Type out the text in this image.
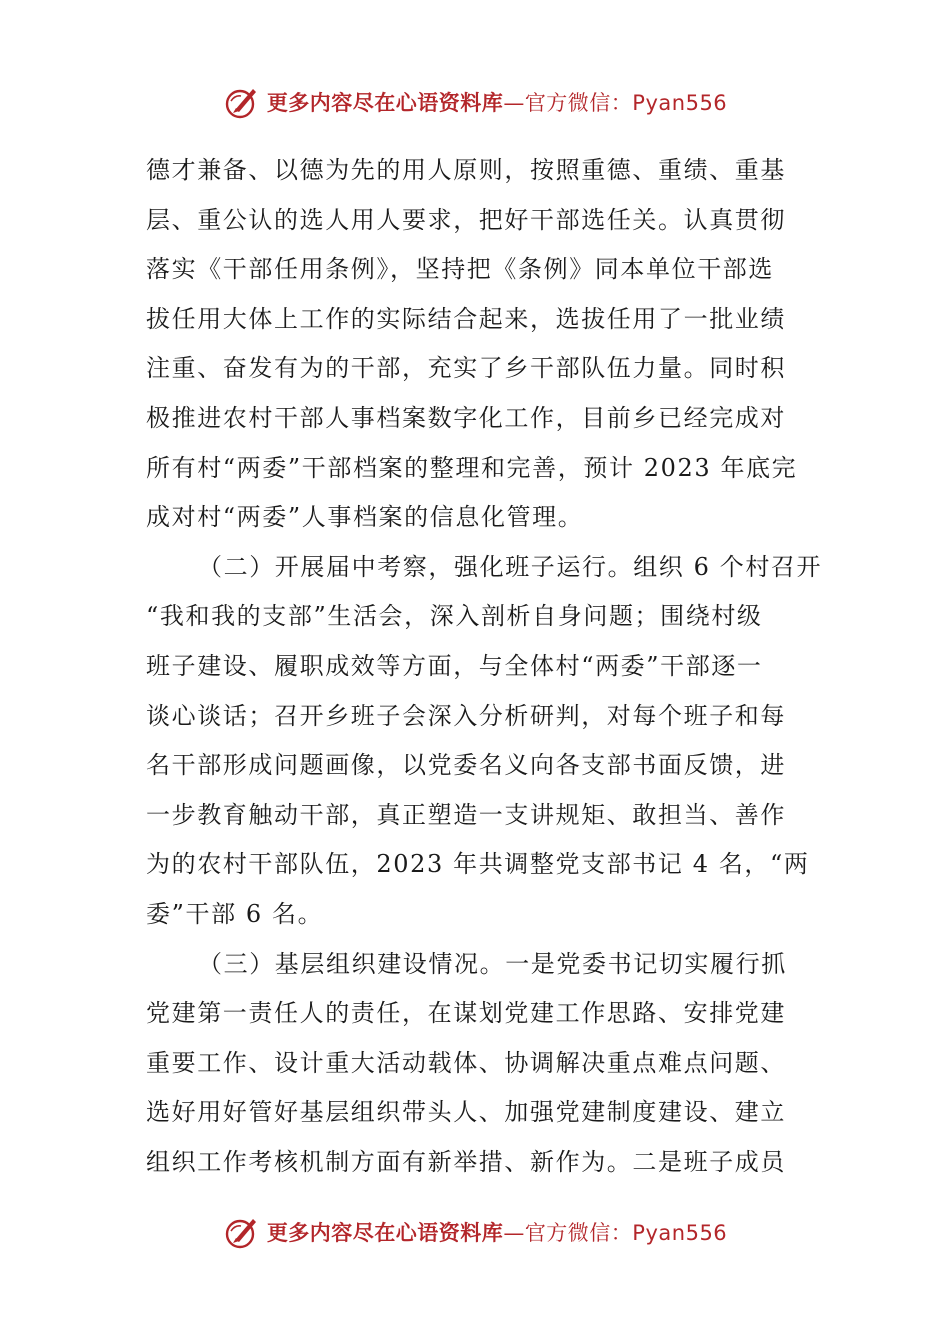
更多内容尽在心语资料库—官方微信：Pyan556

德才兼备、以德为先的用人原则，按照重德、重绩、重基
层、重公认的选人用人要求，把好干部选任关。认真贯彻
落实《干部任用条例》，坚持把《条例》同本单位干部选
拔任用大体上工作的实际结合起来，选拔任用了一批业绩
注重、奋发有为的干部，充实了乡干部队伍力量。同时积
极推进农村干部人事档案数字化工作，目前乡已经完成对
所有村“两委”干部档案的整理和完善，预计 2023 年底完
成对村“两委”人事档案的信息化管理。

（二）开展届中考察，强化班子运行。组织 6 个村召开
“我和我的支部”生活会，深入剖析自身问题；围绕村级
班子建设、履职成效等方面，与全体村“两委”干部逐一
谈心谈话；召开乡班子会深入分析研判，对每个班子和每
名干部形成问题画像，以党委名义向各支部书面反馈，进
一步教育触动干部，真正塑造一支讲规矩、敢担当、善作
为的农村干部队伍，2023 年共调整党支部书记 4 名，“两
委”干部 6 名。

（三）基层组织建设情况。一是党委书记切实履行抓
党建第一责任人的责任，在谋划党建工作思路、安排党建
重要工作、设计重大活动载体、协调解决重点难点问题、
选好用好管好基层组织带头人、加强党建制度建设、建立
组织工作考核机制方面有新举措、新作为。二是班子成员

更多内容尽在心语资料库—官方微信：Pyan556
